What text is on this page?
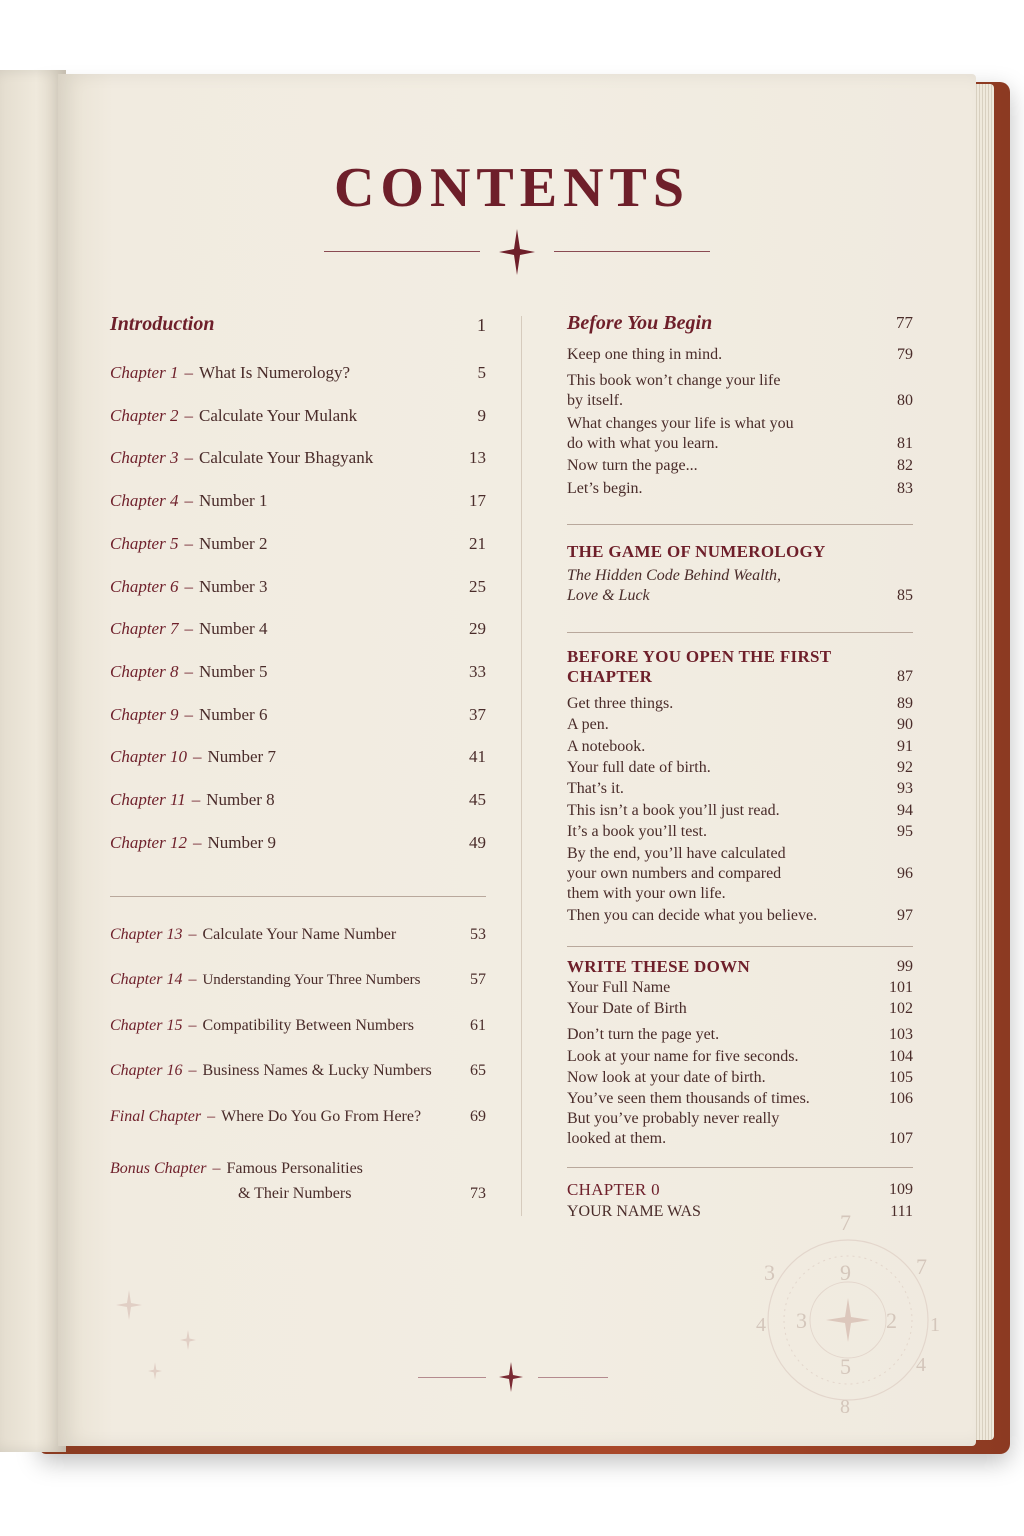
CONTENTS
Introduction	1
Chapter 1 – What Is Numerology?	5
Chapter 2 – Calculate Your Mulank	9
Chapter 3 – Calculate Your Bhagyank	13
Chapter 4 – Number 1	17
Chapter 5 – Number 2	21
Chapter 6 – Number 3	25
Chapter 7 – Number 4	29
Chapter 8 – Number 5	33
Chapter 9 – Number 6	37
Chapter 10 – Number 7	41
Chapter 11 – Number 8	45
Chapter 12 – Number 9	49
Chapter 13 – Calculate Your Name Number	53
Chapter 14 – Understanding Your Three Numbers	57
Chapter 15 – Compatibility Between Numbers	61
Chapter 16 – Business Names & Lucky Numbers 65
Final Chapter – Where Do You Go From Here?	69
Bonus Chapter – Famous Personalities
& Their Numbers	73
Before You Begin	77
Keep one thing in mind.	79
This book won’t change your life
by itself.	80
What changes your life is what you
do with what you learn.	81
Now turn the page...	82
Let’s begin.	83
THE GAME OF NUMEROLOGY
The Hidden Code Behind Wealth,
Love & Luck	85
BEFORE YOU OPEN THE FIRST
CHAPTER	87
Get three things.	89
A pen.	90
A notebook.	91
Your full date of birth.	92
That’s it.	93
This isn’t a book you’ll just read.	94
It’s a book you’ll test.	95
By the end, you’ll have calculated
your own numbers and compared
them with your own life.
96
Then you can decide what you believe.	97
WRITE THESE DOWN	99
Your Full Name	101
Your Date of Birth	102
Don’t turn the page yet.	103
Look at your name for five seconds.	104
Now look at your date of birth.	105
You’ve seen them thousands of times.	106
But you’ve probably never really
looked at them.	107
CHAPTER 0	109
YOUR NAME WAS	111
7
9	7
3
3	2
4	1
5	4
8
